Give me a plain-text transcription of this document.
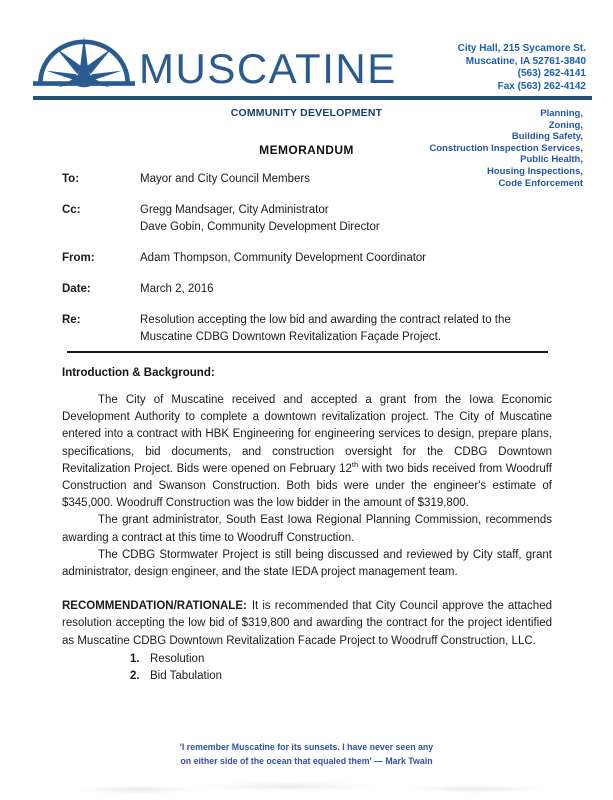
MUSCATINE	City Hall, 215 Sycamore St.
Muscatine, IA 52761-3840
(563) 262-4141
Fax (563) 262-4142
COMMUNITY DEVELOPMENT	Planning,
Zoning,
Building Safety,
Construction Inspection Services,
Public Health,
Housing Inspections,
Code Enforcement
MEMORANDUM
To:	Mayor and City Council Members
Cc:	Gregg Mandsager, City Administrator
Dave Gobin, Community Development Director
From:	Adam Thompson, Community Development Coordinator
Date:	March 2, 2016
Re:	Resolution accepting the low bid and awarding the contract related to the
Muscatine CDBG Downtown Revitalization Façade Project.
Introduction & Background:

The City of Muscatine received and accepted a grant from the Iowa Economic Development Authority to complete a downtown revitalization project. The City of Muscatine entered into a contract with HBK Engineering for engineering services to design, prepare plans, specifications, bid documents, and construction oversight for the CDBG Downtown Revitalization Project. Bids were opened on February 12th with two bids received from Woodruff Construction and Swanson Construction. Both bids were under the engineer's estimate of $345,000. Woodruff Construction was the low bidder in the amount of $319,800.

The grant administrator, South East Iowa Regional Planning Commission, recommends awarding a contract at this time to Woodruff Construction.

The CDBG Stormwater Project is still being discussed and reviewed by City staff, grant administrator, design engineer, and the state IEDA project management team.

RECOMMENDATION/RATIONALE: It is recommended that City Council approve the attached resolution accepting the low bid of $319,800 and awarding the contract for the project identified as Muscatine CDBG Downtown Revitalization Facade Project to Woodruff Construction, LLC.

1. Resolution
2. Bid Tabulation
'I remember Muscatine for its sunsets. I have never seen any
on either side of the ocean that equaled them' — Mark Twain
